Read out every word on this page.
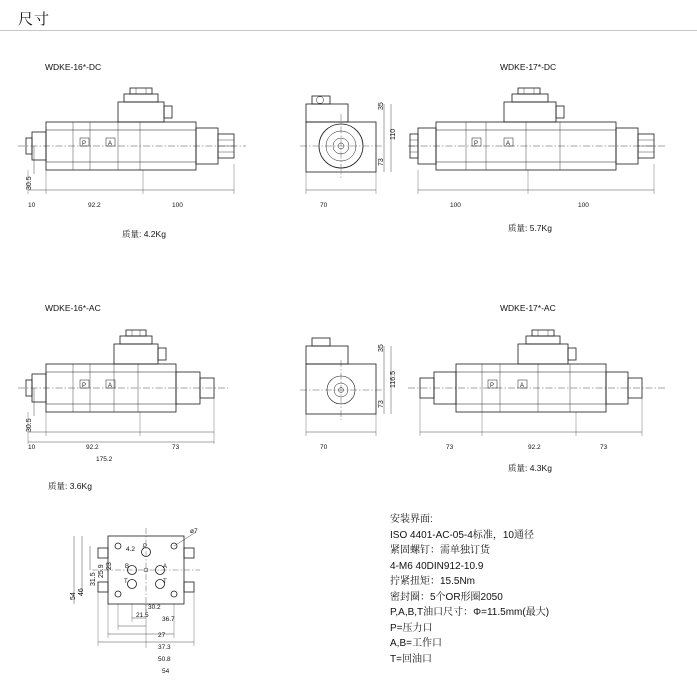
尺寸
WDKE-16*-DC
P	A
10	92.2	100
30.5
质量: 4.2Kg
WDKE-17*-DC
70
35
110
73
P	A
100	100
质量: 5.7Kg
WDKE-16*-AC
P	A
10	92.2	73
175.2
30.5
质量: 3.6Kg
WDKE-17*-AC
70
35
116.5
73
P	A
73	92.2	73
质量: 4.3Kg
P
B	A
T	T
ø7
4.2
23
25.9
31.5
46
54
21.5
30.2
36.7
27
37.3
50.8
54
安装界面:
ISO 4401-AC-05-4标准，10通径
紧固螺钉：需单独订货
4-M6 40DIN912-10.9
拧紧扭矩：15.5Nm
密封圈：5个OR形圈2050
P,A,B,T油口尺寸：Φ=11.5mm(最大)
P=压力口
A,B=工作口
T=回油口
